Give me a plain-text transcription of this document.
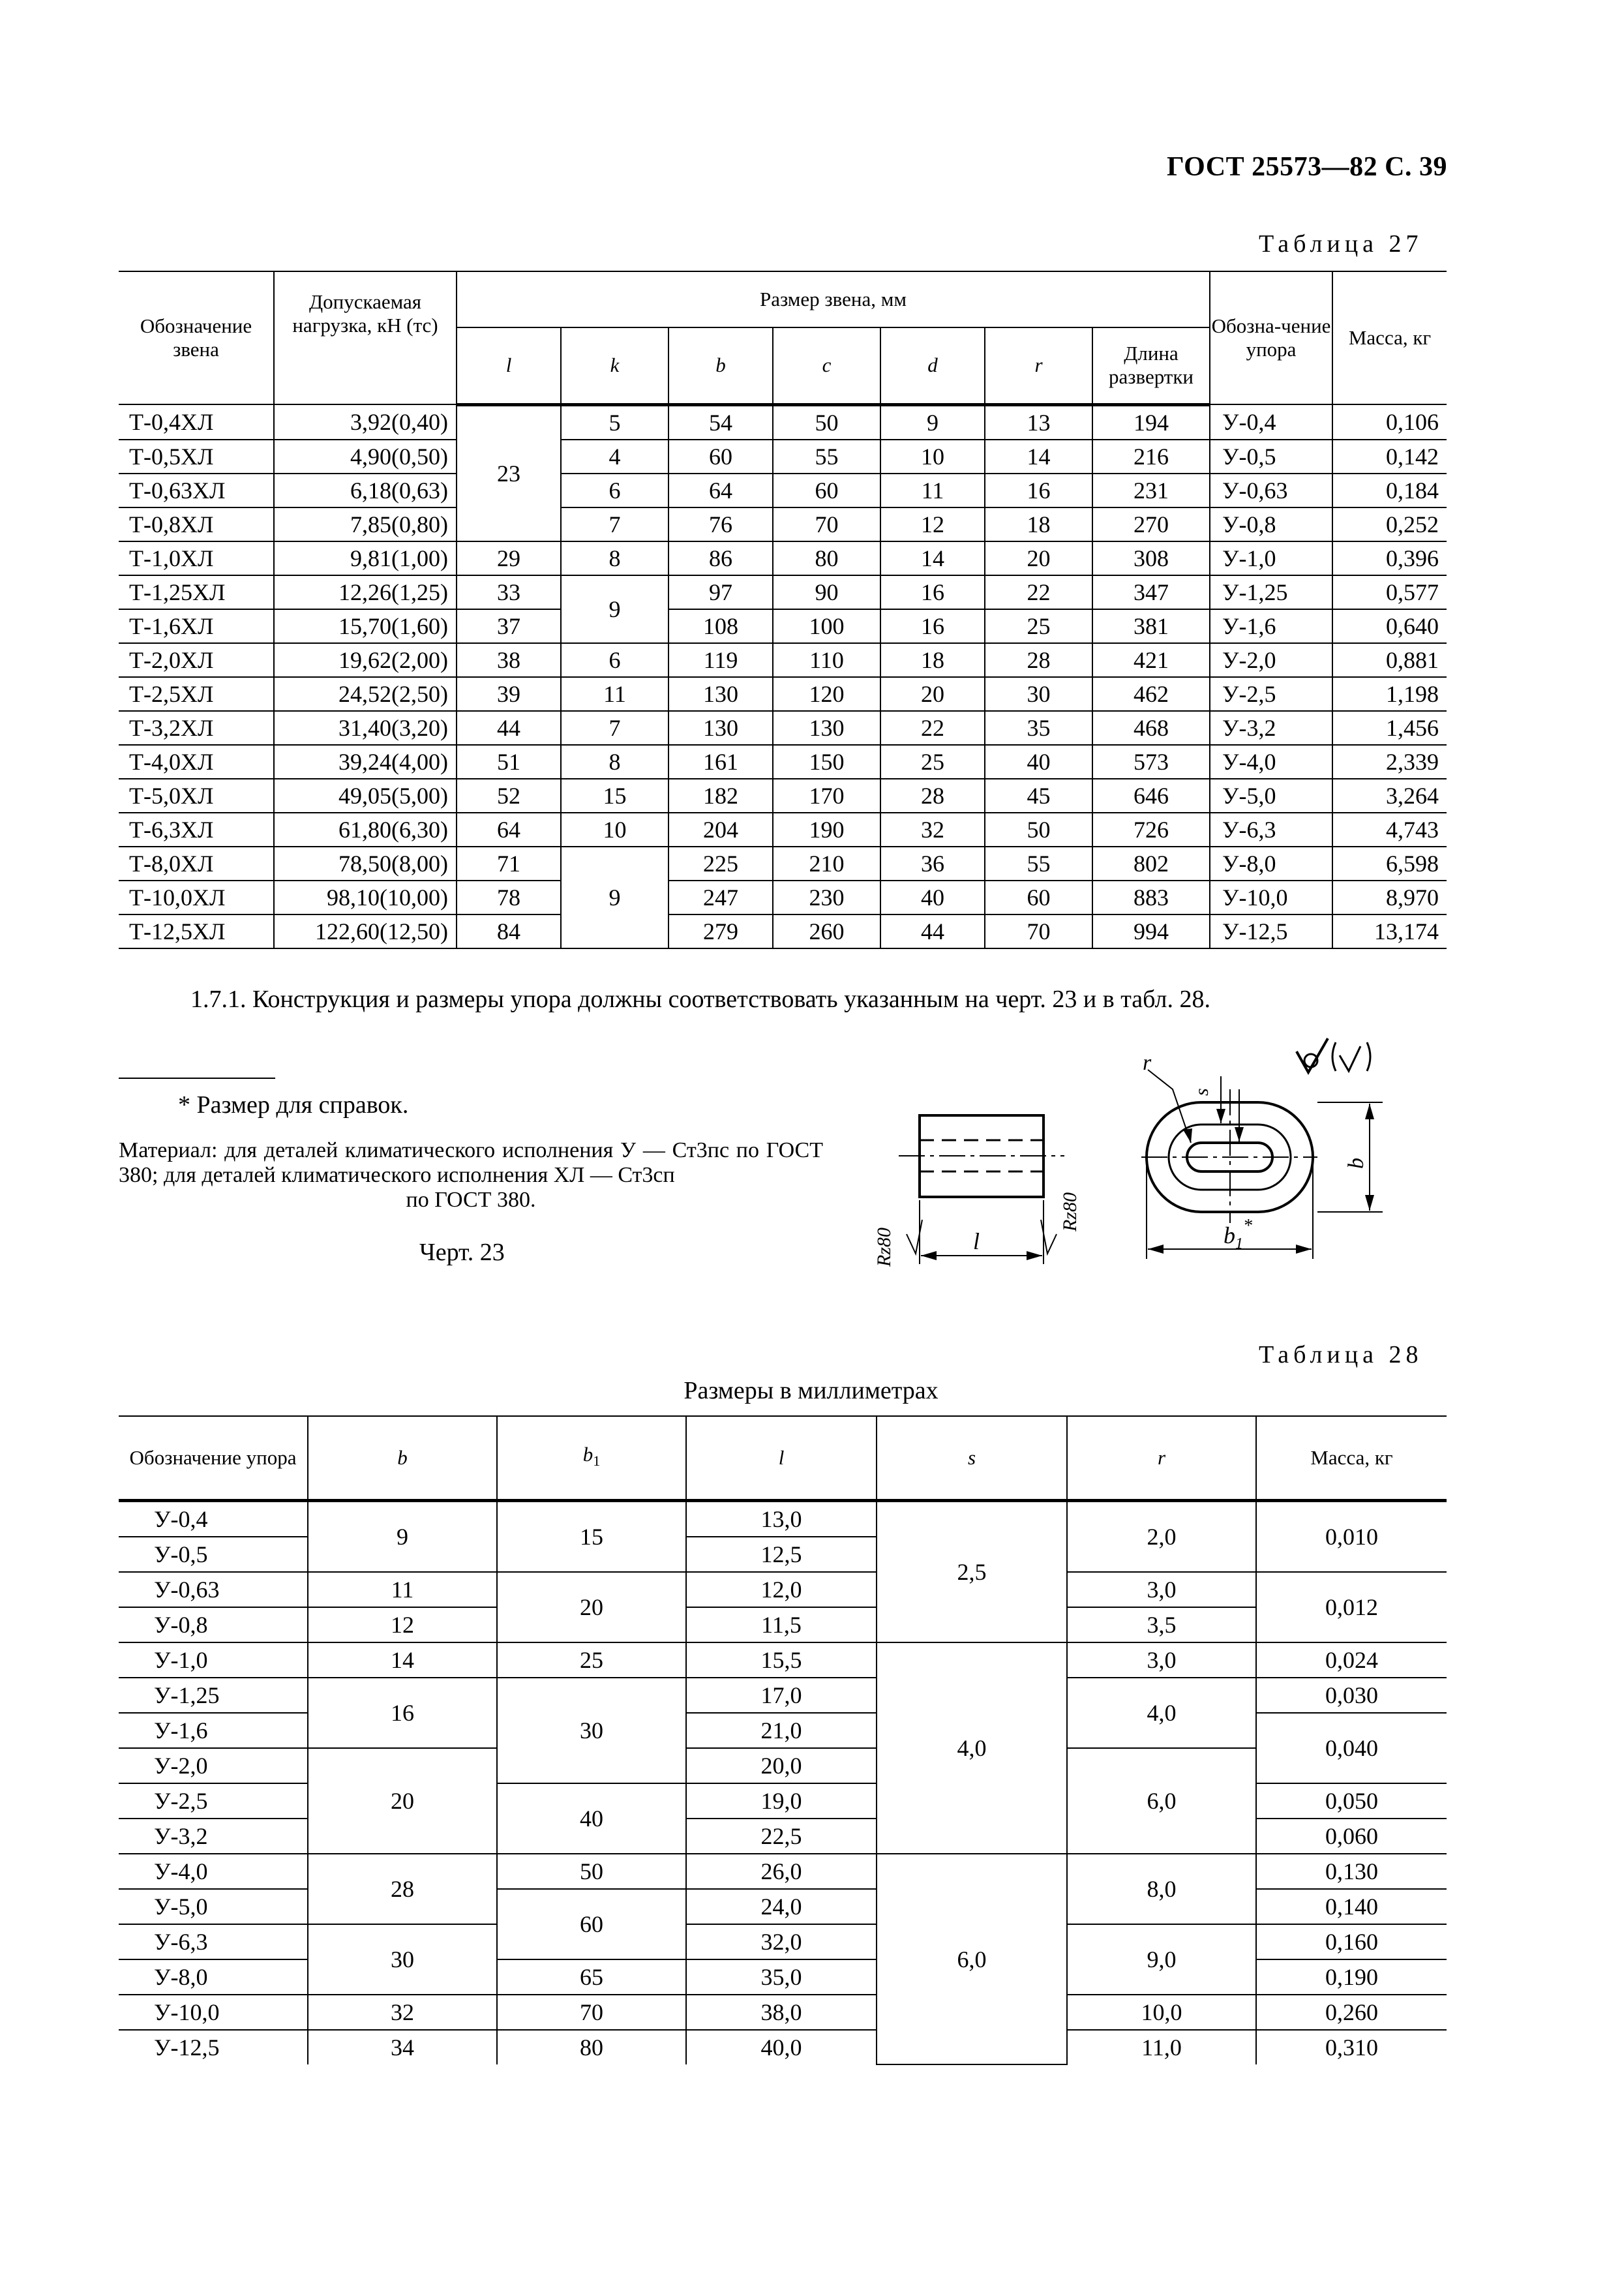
ГОСТ 25573—82 С. 39
Таблица 27
Обозначение звена	Допускаемая нагрузка, кН (тс)	Размер звена, мм							Обозна-чение упора	Масса, кг
		l	k	b	c	d	r	Длина развертки		
Т-0,4ХЛ	3,92(0,40)	23	5	54	50	9	13	194	У-0,4	0,106
Т-0,5ХЛ	4,90(0,50)		4	60	55	10	14	216	У-0,5	0,142
Т-0,63ХЛ	6,18(0,63)		6	64	60	11	16	231	У-0,63	0,184
Т-0,8ХЛ	7,85(0,80)		7	76	70	12	18	270	У-0,8	0,252
Т-1,0ХЛ	9,81(1,00)	29	8	86	80	14	20	308	У-1,0	0,396
Т-1,25ХЛ	12,26(1,25)	33	9	97	90	16	22	347	У-1,25	0,577
Т-1,6ХЛ	15,70(1,60)	37		108	100	16	25	381	У-1,6	0,640
Т-2,0ХЛ	19,62(2,00)	38	6	119	110	18	28	421	У-2,0	0,881
Т-2,5ХЛ	24,52(2,50)	39	11	130	120	20	30	462	У-2,5	1,198
Т-3,2ХЛ	31,40(3,20)	44	7	130	130	22	35	468	У-3,2	1,456
Т-4,0ХЛ	39,24(4,00)	51	8	161	150	25	40	573	У-4,0	2,339
Т-5,0ХЛ	49,05(5,00)	52	15	182	170	28	45	646	У-5,0	3,264
Т-6,3ХЛ	61,80(6,30)	64	10	204	190	32	50	726	У-6,3	4,743
Т-8,0ХЛ	78,50(8,00)	71	9	225	210	36	55	802	У-8,0	6,598
Т-10,0ХЛ	98,10(10,00)	78		247	230	40	60	883	У-10,0	8,970
Т-12,5ХЛ	122,60(12,50)	84		279	260	44	70	994	У-12,5	13,174
1.7.1. Конструкция и размеры упора должны соответствовать указанным на черт. 23 и в табл. 28.
* Размер для справок.
Материал: для деталей климатического исполнения У — Ст3пс по ГОСТ 380; для деталей климатического исполнения ХЛ — Ст3сп
по ГОСТ 380.
Черт. 23	Rz80
Rz80
l
r
s
b
$b_1^*$
Таблица 28
Размеры в миллиметрах
Обозначение упора	b	$b_1$	l	s	r	Масса, кг
У-0,4	9	15	13,0	2,5	2,0	0,010
У-0,5			12,5			
У-0,63	11	20	12,0		3,0	0,012
У-0,8	12		11,5		3,5	
У-1,0	14	25	15,5	4,0	3,0	0,024
У-1,25	16	30	17,0		4,0	0,030
У-1,6			21,0			0,040
У-2,0	20		20,0		6,0	
У-2,5		40	19,0			0,050
У-3,2			22,5			0,060
У-4,0	28	50	26,0	6,0	8,0	0,130
У-5,0		60	24,0			0,140
У-6,3	30		32,0		9,0	0,160
У-8,0		65	35,0			0,190
У-10,0	32	70	38,0		10,0	0,260
У-12,5	34	80	40,0		11,0	0,310
